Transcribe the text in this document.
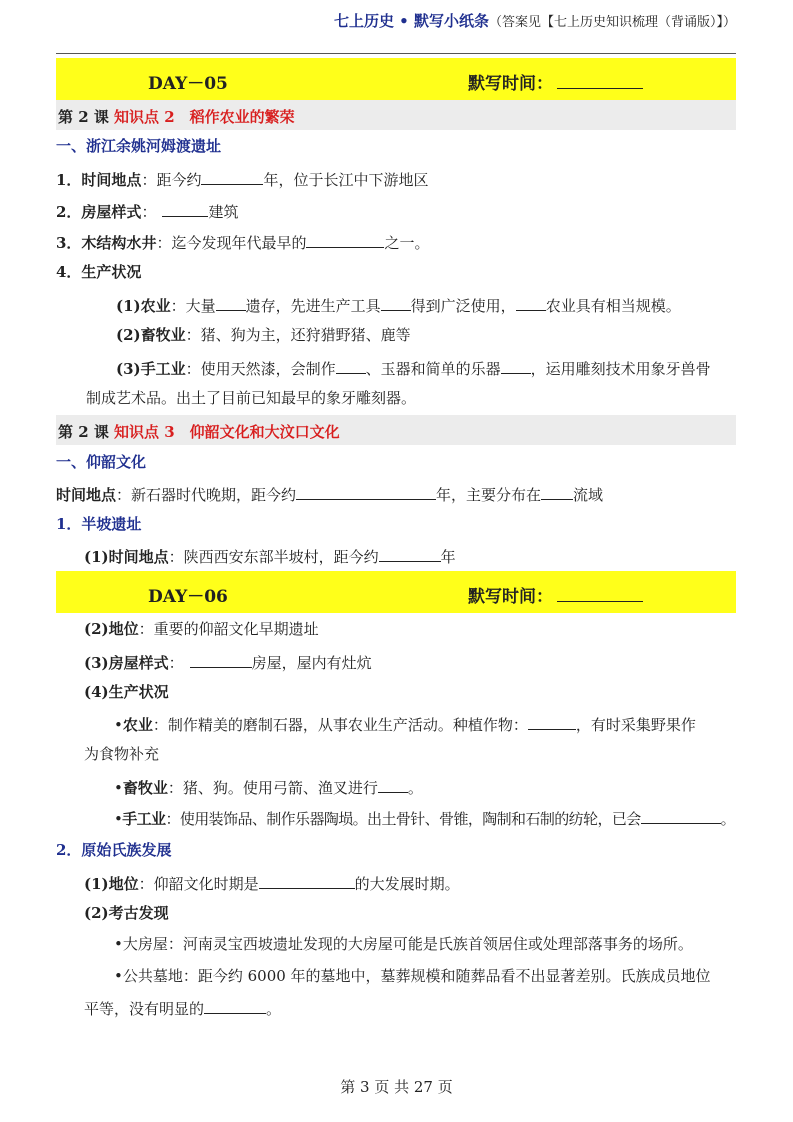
七上历史 • 默写小纸条（答案见【七上历史知识梳理（背诵版）】）
DAY－05	默写时间：
第 2 课 知识点 2　稻作农业的繁荣
一、浙江余姚河姆渡遗址
1．时间地点：距今约	年，位于长江中下游地区
2．房屋样式：	建筑
3．木结构水井：迄今发现年代最早的	之一。
4．生产状况
(1)农业：大量 遗存，先进生产工具 得到广泛使用， 农业具有相当规模。
(2)畜牧业：猪、狗为主，还狩猎野猪、鹿等
(3)手工业：使用天然漆，会制作 、玉器和简单的乐器 ，运用雕刻技术用象牙兽骨
制成艺术品。出土了目前已知最早的象牙雕刻器。
第 2 课 知识点 3　仰韶文化和大汶口文化
一、仰韶文化
时间地点：新石器时代晚期，距今约	年，主要分布在 流域
1．半坡遗址
(1)时间地点：陕西西安东部半坡村，距今约	年
DAY－06	默写时间：
(2)地位：重要的仰韶文化早期遗址
(3)房屋样式：	房屋，屋内有灶炕
(4)生产状况
•农业：制作精美的磨制石器，从事农业生产活动。种植作物：	，有时采集野果作
为食物补充
•畜牧业：猪、狗。使用弓箭、渔叉进行 。
•手工业：使用装饰品、制作乐器陶埙。出土骨针、骨锥，陶制和石制的纺轮，已会	。
2．原始氏族发展
(1)地位：仰韶文化时期是	的大发展时期。
(2)考古发现
•大房屋：河南灵宝西坡遗址发现的大房屋可能是氏族首领居住或处理部落事务的场所。
•公共墓地：距今约 6000 年的墓地中，墓葬规模和随葬品看不出显著差别。氏族成员地位
平等，没有明显的	。
第 3 页 共 27 页
